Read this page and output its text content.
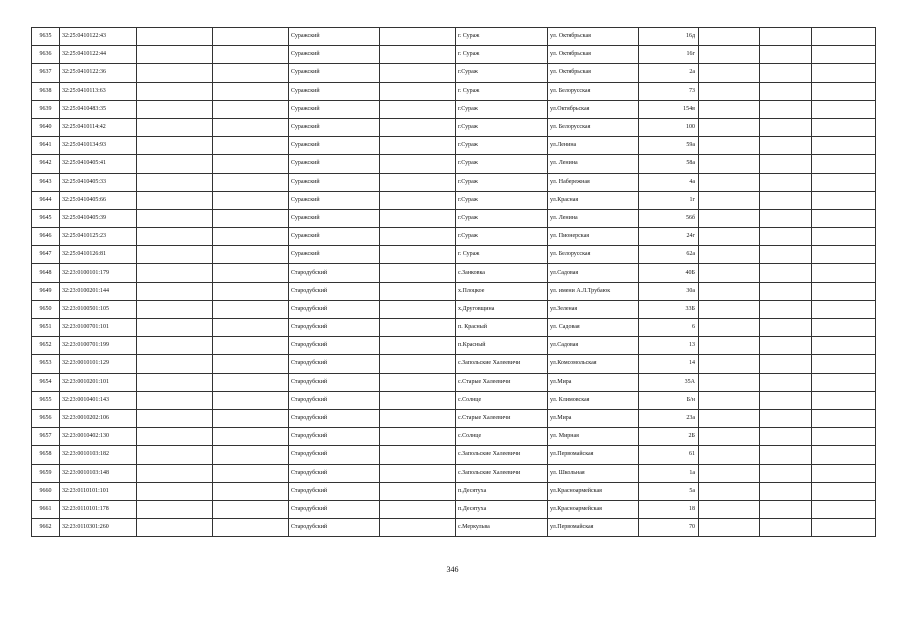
9635	32:25:0410122:43			Суражский		г. Сураж	ул. Октябрьская	16д			
9636	32:25:0410122:44			Суражский		г. Сураж	ул. Октябрьская	16г			
9637	32:25:0410122:36			Суражский		г.Сураж	ул. Октябрьская	2а			
9638	32:25:0410113:63			Суражский		г. Сураж	ул. Белорусская	73			
9639	32:25:0410483:35			Суражский		г.Сураж	ул.Октябрьская	154в			
9640	32:25:0410114:42			Суражский		г.Сураж	ул. Белорусская	100			
9641	32:25:0410134:93			Суражский		г.Сураж	ул.Ленина	59а			
9642	32:25:0410405:41			Суражский		г.Сураж	ул. Ленина	58а			
9643	32:25:0410405:33			Суражский		г.Сураж	ул. Набережная	4а			
9644	32:25:0410405:66			Суражский		г.Сураж	ул.Красная	1г			
9645	32:25:0410405:39			Суражский		г.Сураж	ул. Ленина	56б			
9646	32:25:0410125:23			Суражский		г.Сураж	ул. Пионерская	24г			
9647	32:25:0410126:81			Суражский		г. Сураж	ул. Белорусская	62а			
9648	32:23:0100101:179			Стародубский		с.Занковка	ул.Садовая	40Б			
9649	32:23:0100201:144			Стародубский		х.Плоцкое	ул. имени А.Л.Трубаюк	30а			
9650	32:23:0100501:105			Стародубский		х.Друговщина	ул.Зеленая	33Б			
9651	32:23:0100701:101			Стародубский		п. Красный	ул. Садовая	6			
9652	32:23:0100701:199			Стародубский		п.Красный	ул.Садовая	13			
9653	32:23:0010101:129			Стародубский		с.Запольские Халеевичи	ул.Комсомольская	14			
9654	32:23:0010201:101			Стародубский		с.Старые Халеевичи	ул.Мира	35А			
9655	32:23:0010401:143			Стародубский		с.Солнце	ул. Климовская	Б/н			
9656	32:23:0010202:106			Стародубский		с.Старые Халеевичи	ул.Мира	23а			
9657	32:23:0010402:130			Стародубский		с.Солнце	ул. Мирная	2Б			
9658	32:23:0010103:182			Стародубский		с.Запольские Халеевичи	ул.Первомайская	61			
9659	32:23:0010103:148			Стародубский		с.Запольские Халеевичи	ул. Школьная	1а			
9660	32:23:0110101:101			Стародубский		п.Десятуха	ул.Красноармейская	5а			
9661	32:23:0110101:178			Стародубский		п.Десятуха	ул.Красноармейская	18			
9662	32:23:0110301:260			Стародубский		с.Меркульва	ул.Первомайская	70			
346
